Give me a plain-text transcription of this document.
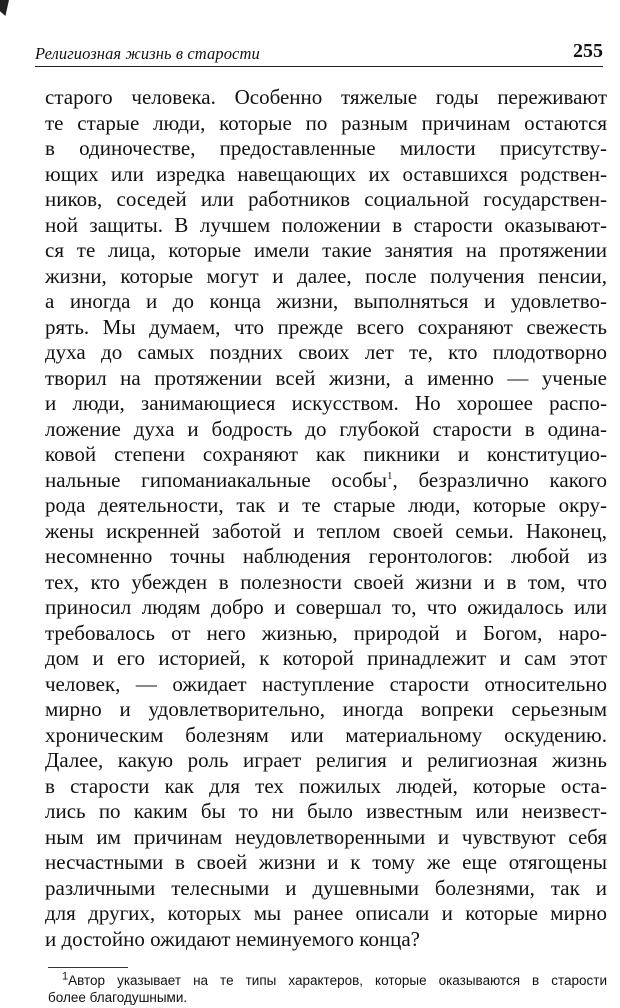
Религиозная жизнь в старости	255
старого человека. Особенно тяжелые годы переживают
те старые люди, которые по разным причинам остаются
в одиночестве, предоставленные милости присутству-
ющих или изредка навещающих их оставшихся родствен-
ников, соседей или работников социальной государствен-
ной защиты. В лучшем положении в старости оказывают-
ся те лица, которые имели такие занятия на протяжении
жизни, которые могут и далее, после получения пенсии,
а иногда и до конца жизни, выполняться и удовлетво-
рять. Мы думаем, что прежде всего сохраняют свежесть
духа до самых поздних своих лет те, кто плодотворно
творил на протяжении всей жизни, а именно — ученые
и люди, занимающиеся искусством. Но хорошее распо-
ложение духа и бодрость до глубокой старости в одина-
ковой степени сохраняют как пикники и конституцио-
нальные гипоманиакальные особы$^1$, безразлично какого
рода деятельности, так и те старые люди, которые окру-
жены искренней заботой и теплом своей семьи. Наконец,
несомненно точны наблюдения геронтологов: любой из
тех, кто убежден в полезности своей жизни и в том, что
приносил людям добро и совершал то, что ожидалось или
требовалось от него жизнью, природой и Богом, наро-
дом и его историей, к которой принадлежит и сам этот
человек, — ожидает наступление старости относительно
мирно и удовлетворительно, иногда вопреки серьезным
хроническим болезням или материальному оскудению.
Далее, какую роль играет религия и религиозная жизнь
в старости как для тех пожилых людей, которые оста-
лись по каким бы то ни было известным или неизвест-
ным им причинам неудовлетворенными и чувствуют себя
несчастными в своей жизни и к тому же еще отягощены
различными телесными и душевными болезнями, так и
для других, которых мы ранее описали и которые мирно
и достойно ожидают неминуемого конца?
$^1$Автор указывает на те типы характеров, которые оказываются в старости
более благодушными.
